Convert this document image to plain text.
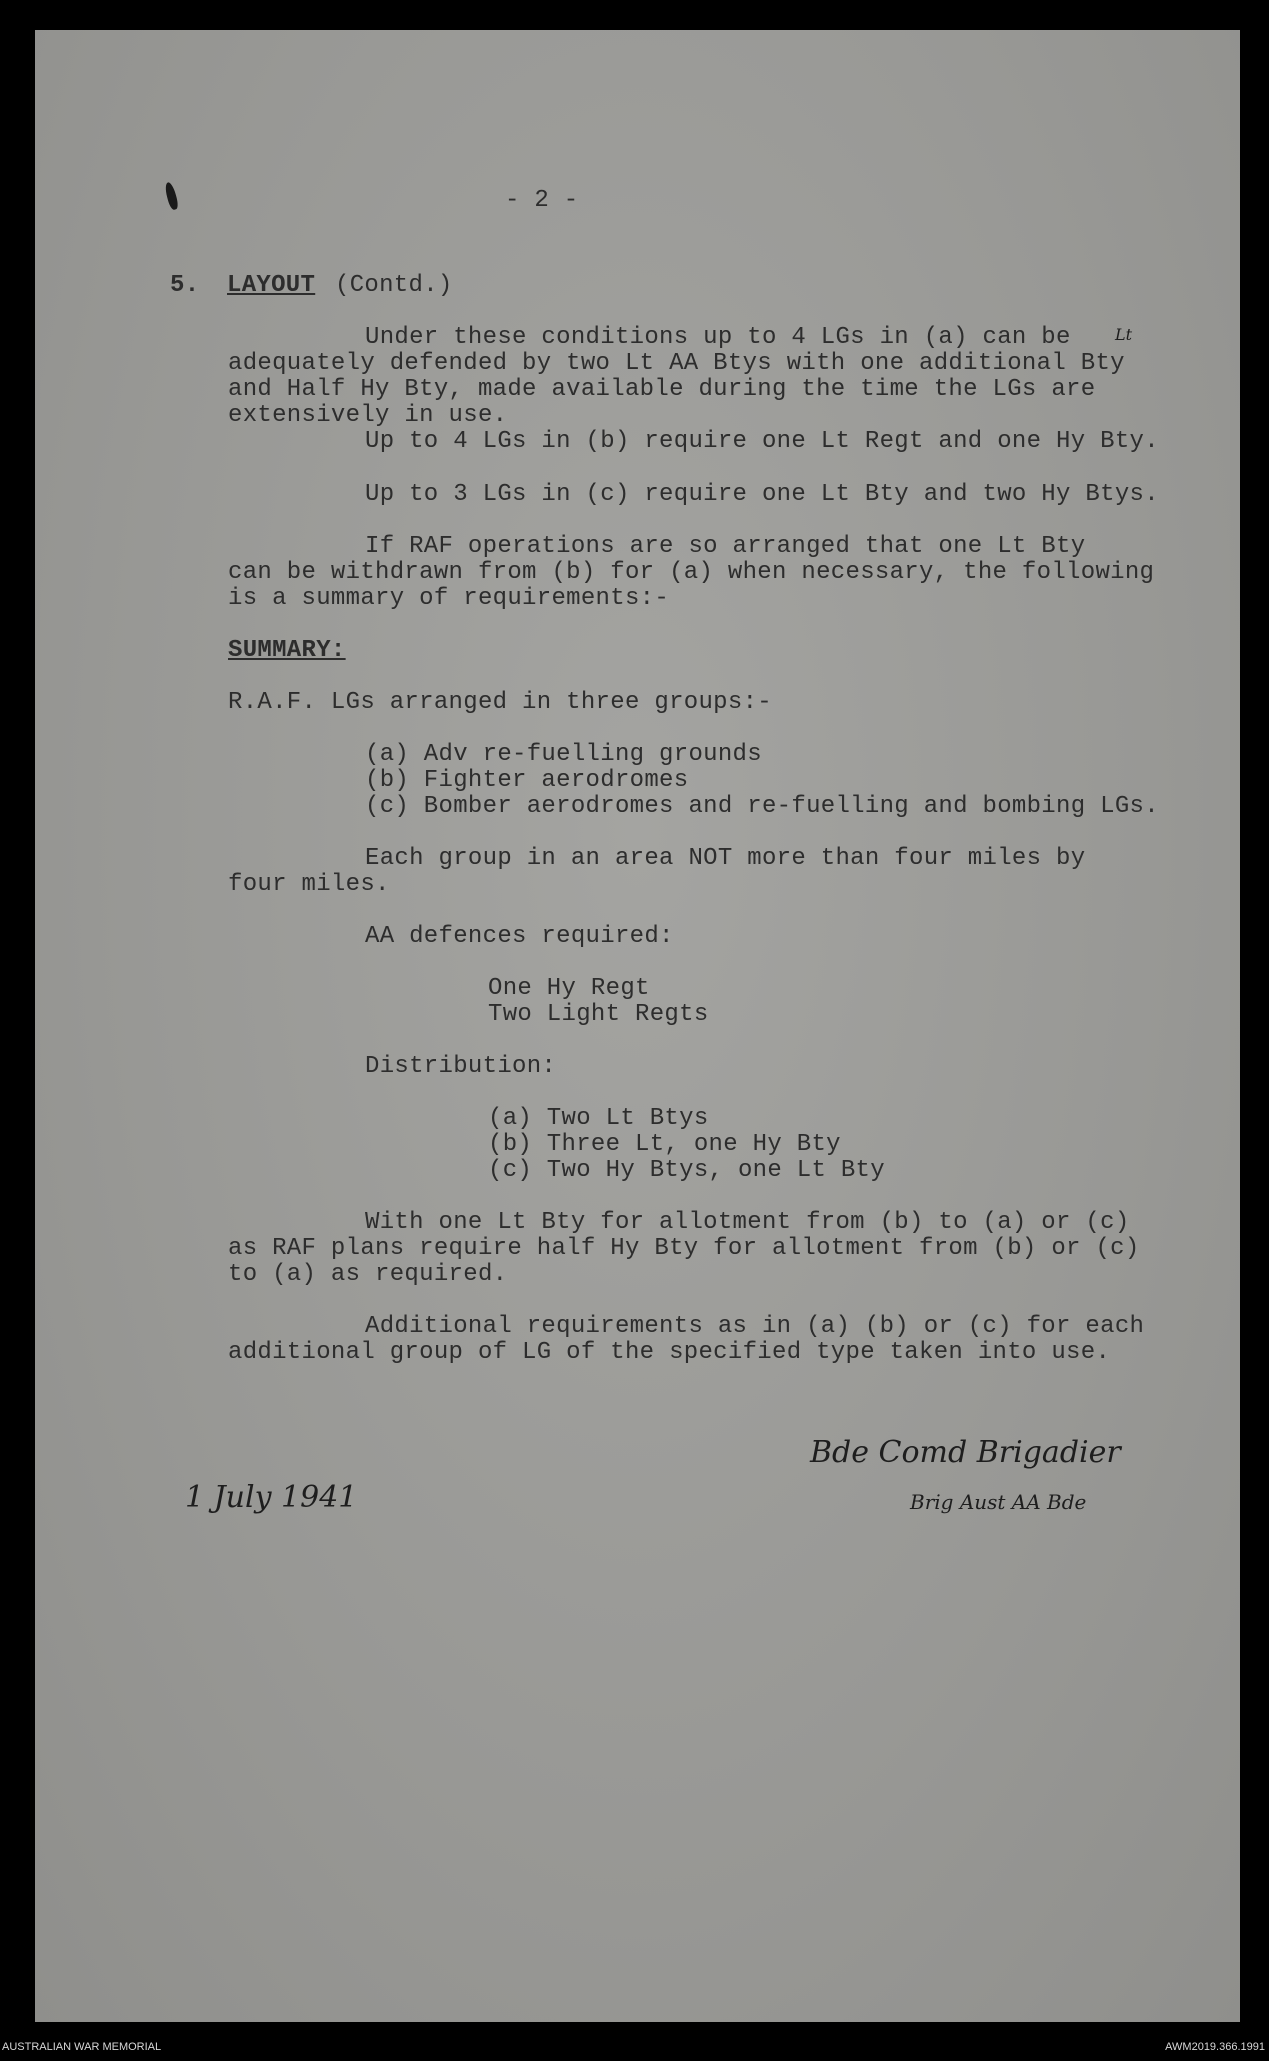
- 2 -
5. LAYOUT (Contd.)
Under these conditions up to 4 LGs in (a) can be
adequately defended by two Lt AA Btys with one additional Bty
and Half Hy Bty, made available during the time the LGs are
extensively in use.
Lt
Up to 4 LGs in (b) require one Lt Regt and one Hy Bty.
Up to 3 LGs in (c) require one Lt Bty and two Hy Btys.
If RAF operations are so arranged that one Lt Bty
can be withdrawn from (b) for (a) when necessary, the following
is a summary of requirements:-
SUMMARY:
R.A.F. LGs arranged in three groups:-
(a) Adv re-fuelling grounds
(b) Fighter aerodromes
(c) Bomber aerodromes and re-fuelling and bombing LGs.
Each group in an area NOT more than four miles by
four miles.
AA defences required:
One Hy Regt
Two Light Regts
Distribution:
(a) Two Lt Btys
(b) Three Lt, one Hy Bty
(c) Two Hy Btys, one Lt Bty
With one Lt Bty for allotment from (b) to (a) or (c)
as RAF plans require half Hy Bty for allotment from (b) or (c)
to (a) as required.
Additional requirements as in (a) (b) or (c) for each
additional group of LG of the specified type taken into use.
1 July 1941
Bde Comd Brigadier
Brig Aust AA Bde
AUSTRALIAN WAR MEMORIAL	AWM2019.366.1991
